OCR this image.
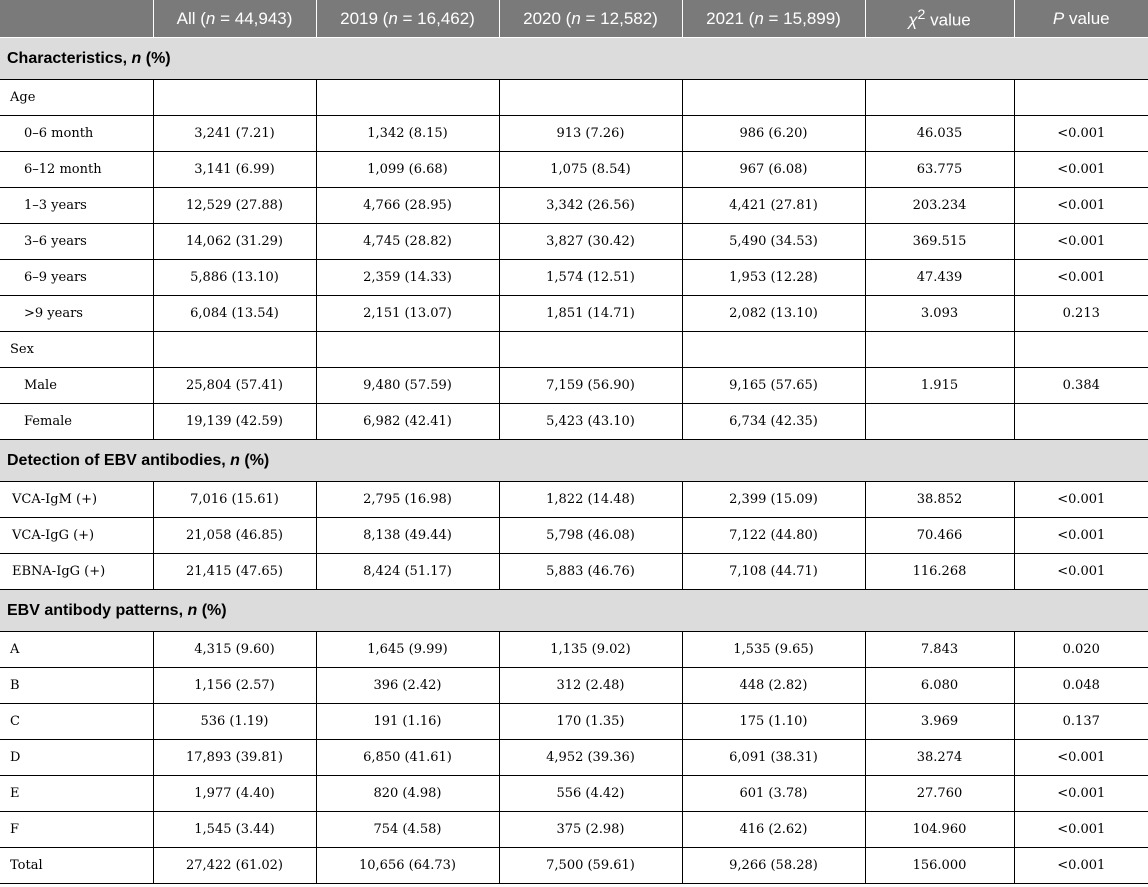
	All (n = 44,943)	2019 (n = 16,462)	2020 (n = 12,582)	2021 (n = 15,899)	$\chi^2$ value	P value
Characteristics, n (%)						
Age						
0–6 month	3,241 (7.21)	1,342 (8.15)	913 (7.26)	986 (6.20)	46.035	<0.001
6–12 month	3,141 (6.99)	1,099 (6.68)	1,075 (8.54)	967 (6.08)	63.775	<0.001
1–3 years	12,529 (27.88)	4,766 (28.95)	3,342 (26.56)	4,421 (27.81)	203.234	<0.001
3–6 years	14,062 (31.29)	4,745 (28.82)	3,827 (30.42)	5,490 (34.53)	369.515	<0.001
6–9 years	5,886 (13.10)	2,359 (14.33)	1,574 (12.51)	1,953 (12.28)	47.439	<0.001
>9 years	6,084 (13.54)	2,151 (13.07)	1,851 (14.71)	2,082 (13.10)	3.093	0.213
Sex						
Male	25,804 (57.41)	9,480 (57.59)	7,159 (56.90)	9,165 (57.65)	1.915	0.384
Female	19,139 (42.59)	6,982 (42.41)	5,423 (43.10)	6,734 (42.35)		
Detection of EBV antibodies, n (%)						
VCA-IgM (+)	7,016 (15.61)	2,795 (16.98)	1,822 (14.48)	2,399 (15.09)	38.852	<0.001
VCA-IgG (+)	21,058 (46.85)	8,138 (49.44)	5,798 (46.08)	7,122 (44.80)	70.466	<0.001
EBNA-IgG (+)	21,415 (47.65)	8,424 (51.17)	5,883 (46.76)	7,108 (44.71)	116.268	<0.001
EBV antibody patterns, n (%)						
A	4,315 (9.60)	1,645 (9.99)	1,135 (9.02)	1,535 (9.65)	7.843	0.020
B	1,156 (2.57)	396 (2.42)	312 (2.48)	448 (2.82)	6.080	0.048
C	536 (1.19)	191 (1.16)	170 (1.35)	175 (1.10)	3.969	0.137
D	17,893 (39.81)	6,850 (41.61)	4,952 (39.36)	6,091 (38.31)	38.274	<0.001
E	1,977 (4.40)	820 (4.98)	556 (4.42)	601 (3.78)	27.760	<0.001
F	1,545 (3.44)	754 (4.58)	375 (2.98)	416 (2.62)	104.960	<0.001
Total	27,422 (61.02)	10,656 (64.73)	7,500 (59.61)	9,266 (58.28)	156.000	<0.001
